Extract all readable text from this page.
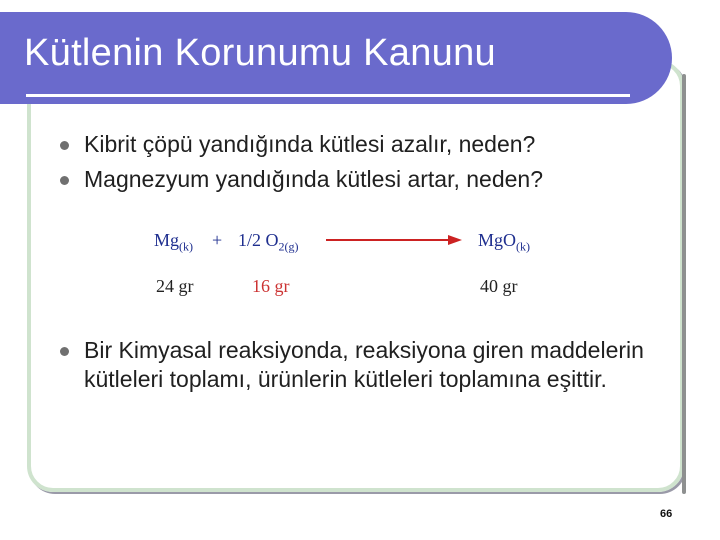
Kütlenin Korunumu Kanunu
Kibrit çöpü yandığında kütlesi azalır, neden?
Magnezyum yandığında kütlesi artar, neden?
$Mg_{(k)} + 1/2$ $O_{2(g)}$	MgO$_{(k)}$
24 gr	16 gr	40 gr
Bir Kimyasal reaksiyonda, reaksiyona giren maddelerin kütleleri toplamı, ürünlerin kütleleri toplamına eşittir.
66
